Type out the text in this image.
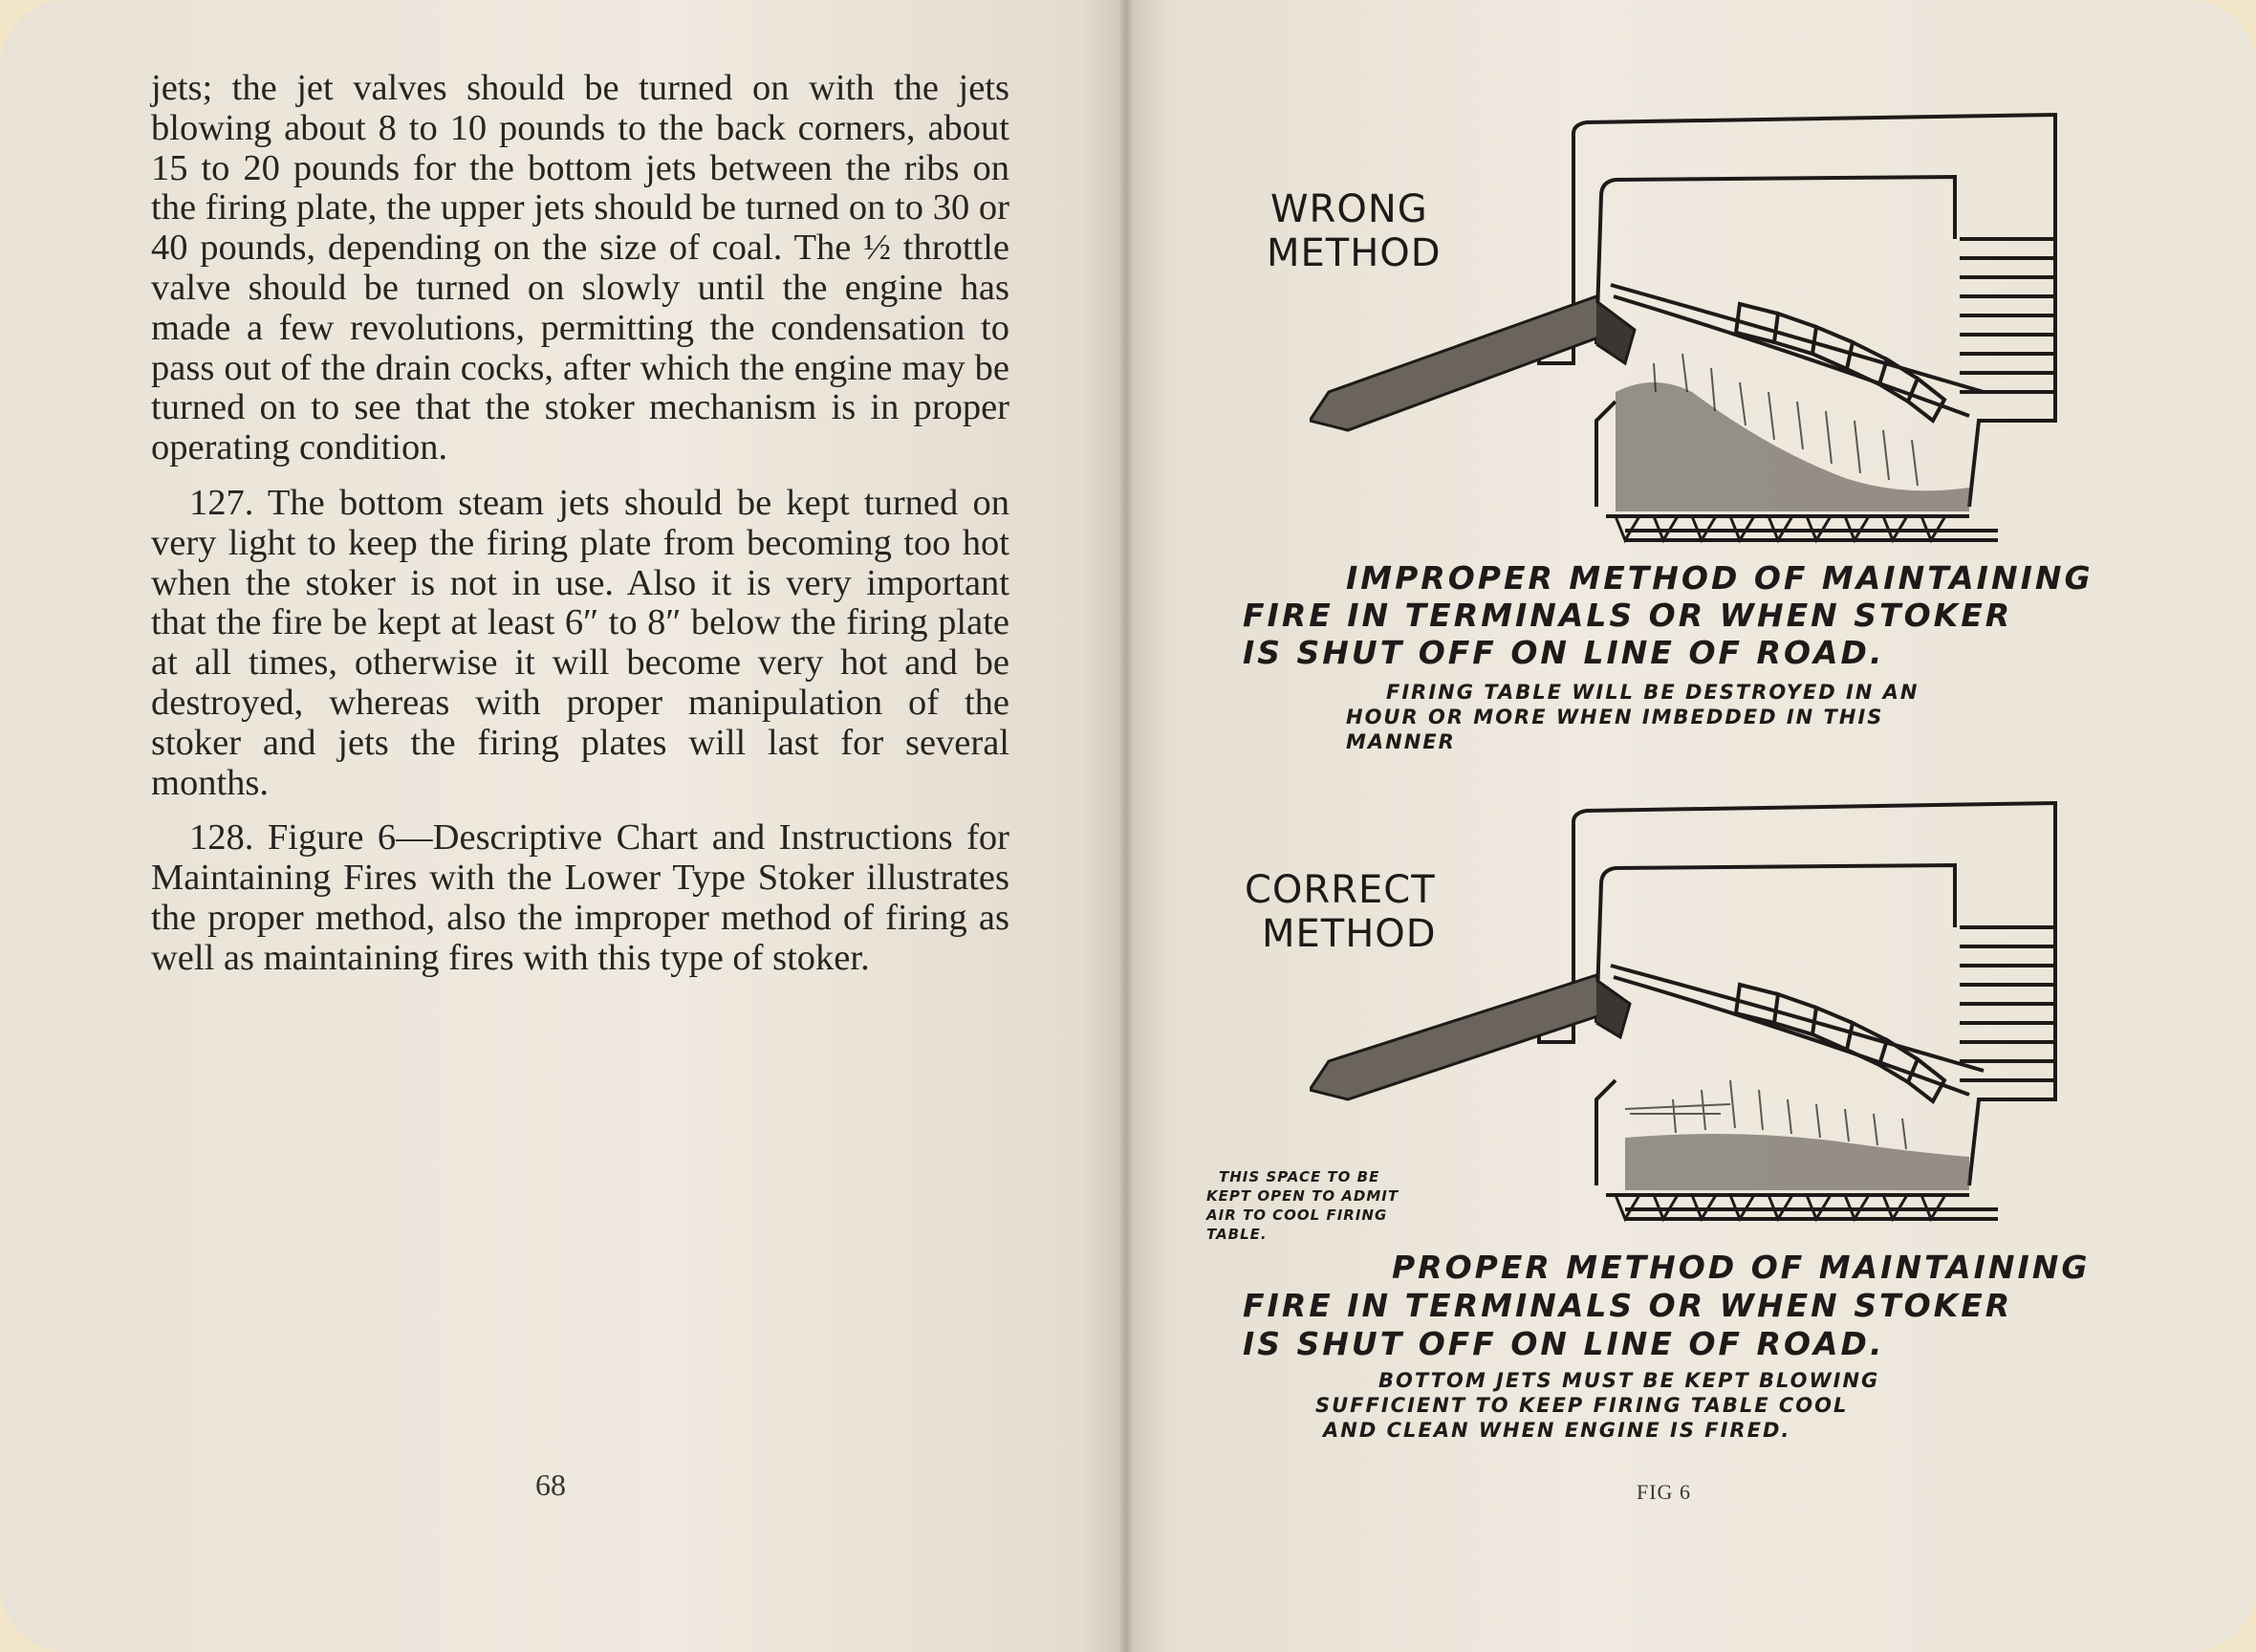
jets; the jet valves should be turned on with the jets blowing about 8 to 10 pounds to the back corners, about 15 to 20 pounds for the bottom jets between the ribs on the firing plate, the upper jets should be turned on to 30 or 40 pounds, depending on the size of coal. The ½ throttle valve should be turned on slowly until the engine has made a few revolutions, permitting the condensation to pass out of the drain cocks, after which the engine may be turned on to see that the stoker mechanism is in proper operating condition.

127. The bottom steam jets should be kept turned on very light to keep the firing plate from becoming too hot when the stoker is not in use. Also it is very important that the fire be kept at least 6″ to 8″ below the firing plate at all times, otherwise it will become very hot and be destroyed, whereas with proper manipulation of the stoker and jets the firing plates will last for several months.

128. Figure 6—Descriptive Chart and Instructions for Maintaining Fires with the Lower Type Stoker illustrates the proper method, also the improper method of firing as well as maintaining fires with this type of stoker.

68
WRONG
METHOD
IMPROPER METHOD OF MAINTAINING
FIRE IN TERMINALS OR WHEN STOKER
IS SHUT OFF ON LINE OF ROAD.
FIRING TABLE WILL BE DESTROYED IN AN
HOUR OR MORE WHEN IMBEDDED IN THIS
MANNER
CORRECT
METHOD
THIS SPACE TO BE
KEPT OPEN TO ADMIT
AIR TO COOL FIRING
TABLE.
PROPER METHOD OF MAINTAINING
FIRE IN TERMINALS OR WHEN STOKER
IS SHUT OFF ON LINE OF ROAD.
BOTTOM JETS MUST BE KEPT BLOWING
SUFFICIENT TO KEEP FIRING TABLE COOL
AND CLEAN WHEN ENGINE IS FIRED.
FIG 6
